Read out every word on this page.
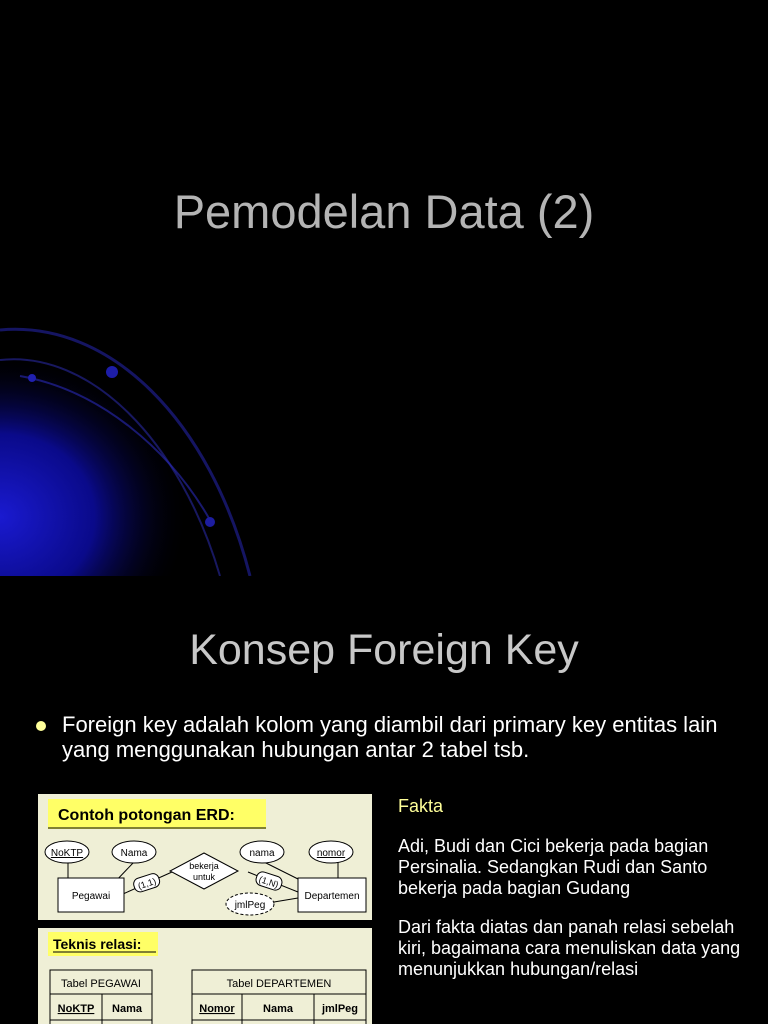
Pemodelan Data (2)
Konsep Foreign Key
Foreign key adalah kolom yang diambil dari primary key entitas lain yang menggunakan hubungan antar 2 tabel tsb.
Contoh potongan ERD:
NoKTP	Nama	nama	nomor
bekerja
untuk
Pegawai	Departemen
(1,1)	(1,N)
jmlPeg
Teknis relasi:
Tabel PEGAWAI
NoKTP Nama
Tabel DEPARTEMEN
Nomor	Nama	jmlPeg
Fakta
Adi, Budi dan Cici bekerja pada bagian Persinalia. Sedangkan Rudi dan Santo bekerja pada bagian Gudang
Dari fakta diatas dan panah relasi sebelah kiri, bagaimana cara menuliskan data yang menunjukkan hubungan/relasi
